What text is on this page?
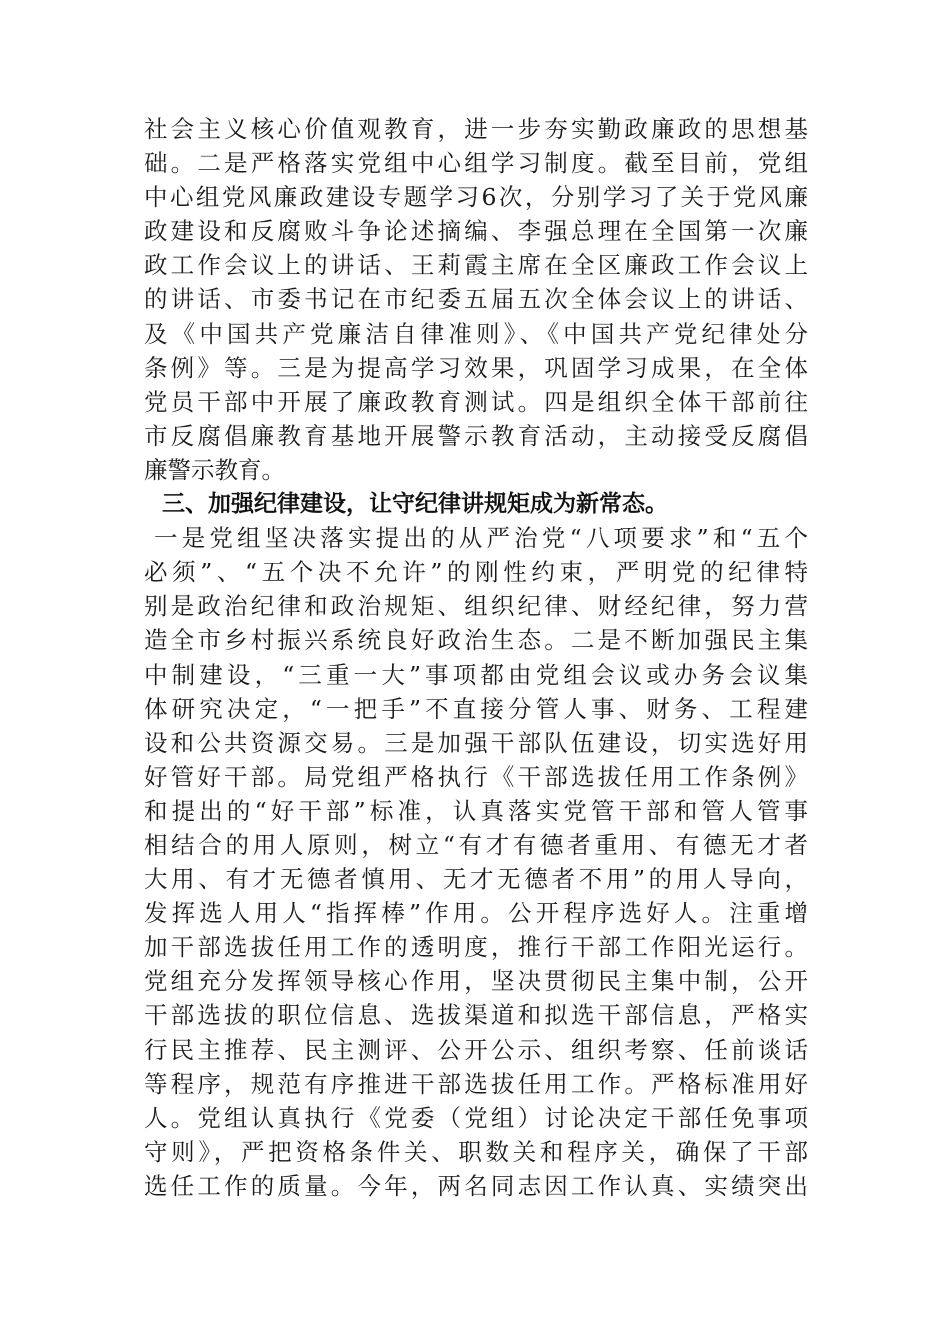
社会主义核心价值观教育，进一步夯实勤政廉政的思想基
础。二是严格落实党组中心组学习制度。截至目前，党组
中心组党风廉政建设专题学习6次，分别学习了关于党风廉
政建设和反腐败斗争论述摘编、李强总理在全国第一次廉
政工作会议上的讲话、王莉霞主席在全区廉政工作会议上
的讲话、市委书记在市纪委五届五次全体会议上的讲话、
及《中国共产党廉洁自律准则》、《中国共产党纪律处分
条例》等。三是为提高学习效果，巩固学习成果，在全体
党员干部中开展了廉政教育测试。四是组织全体干部前往
市反腐倡廉教育基地开展警示教育活动，主动接受反腐倡
廉警示教育。
三、加强纪律建设，让守纪律讲规矩成为新常态。
一是党组坚决落实提出的从严治党“八项要求”和“五个
必须”、“五个决不允许”的刚性约束，严明党的纪律特
别是政治纪律和政治规矩、组织纪律、财经纪律，努力营
造全市乡村振兴系统良好政治生态。二是不断加强民主集
中制建设，“三重一大”事项都由党组会议或办务会议集
体研究决定，“一把手”不直接分管人事、财务、工程建
设和公共资源交易。三是加强干部队伍建设，切实选好用
好管好干部。局党组严格执行《干部选拔任用工作条例》
和提出的“好干部”标准，认真落实党管干部和管人管事
相结合的用人原则，树立“有才有德者重用、有德无才者
大用、有才无德者慎用、无才无德者不用”的用人导向，
发挥选人用人“指挥棒”作用。公开程序选好人。注重增
加干部选拔任用工作的透明度，推行干部工作阳光运行。
党组充分发挥领导核心作用，坚决贯彻民主集中制，公开
干部选拔的职位信息、选拔渠道和拟选干部信息，严格实
行民主推荐、民主测评、公开公示、组织考察、任前谈话
等程序，规范有序推进干部选拔任用工作。严格标准用好
人。党组认真执行《党委（党组）讨论决定干部任免事项
守则》，严把资格条件关、职数关和程序关，确保了干部
选任工作的质量。今年，两名同志因工作认真、实绩突出
